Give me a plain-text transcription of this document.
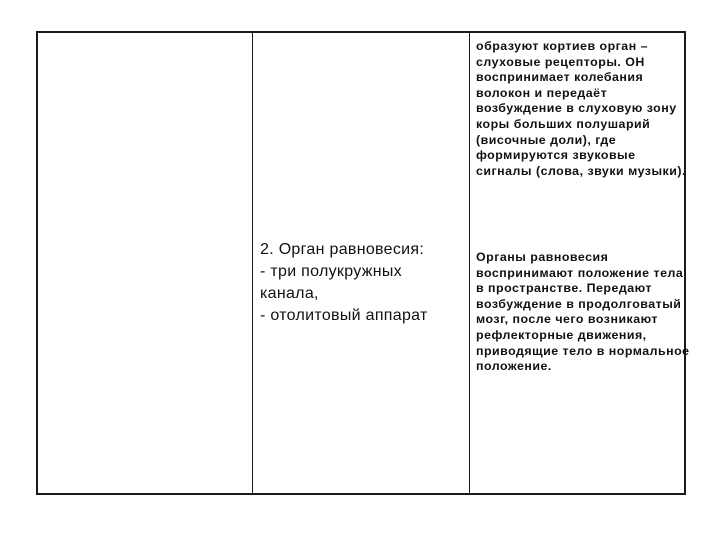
образуют кортиев орган – слуховые рецепторы. ОН воспринимает колебания волокон и передаёт возбуждение в слуховую зону коры больших полушарий (височные доли), где формируются звуковые сигналы (слова, звуки музыки).

2. Орган равновесия:
- три полукружных
канала,
- отолитовый аппарат

Органы равновесия воспринимают положение тела в пространстве. Передают возбуждение в продолговатый мозг, после чего возникают рефлекторные движения, приводящие тело в нормальное положение.
